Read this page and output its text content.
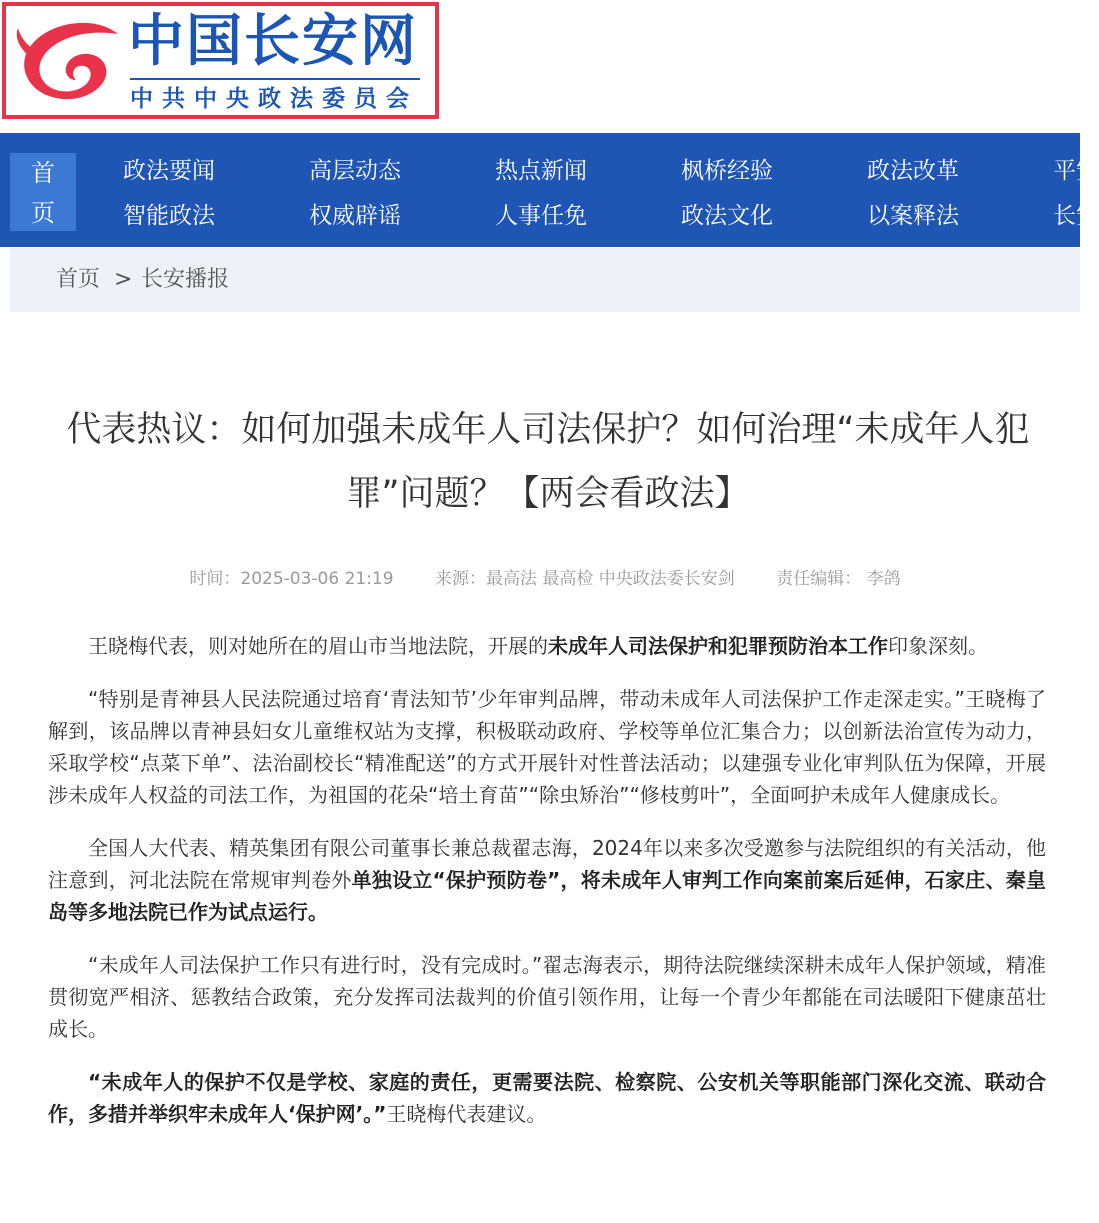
中国长安网
中共中央政法委员会
首
页
政法要闻	高层动态	热点新闻	枫桥经验	政法改革	平安
智能政法	权威辟谣	人事任免	政法文化	以案释法	长安
首页 > 长安播报
代表热议：如何加强未成年人司法保护？如何治理“未成年人犯罪”问题？【两会看政法】
时间：2025-03-06 21:19 来源：最高法 最高检 中央政法委长安剑 责任编辑： 李鸽

王晓梅代表，则对她所在的眉山市当地法院，开展的未成年人司法保护和犯罪预防治本工作印象深刻。

“特别是青神县人民法院通过培育‘青法知节’少年审判品牌，带动未成年人司法保护工作走深走实。”王晓梅了解到，该品牌以青神县妇女儿童维权站为支撑，积极联动政府、学校等单位汇集合力；以创新法治宣传为动力，采取学校“点菜下单”、法治副校长“精准配送”的方式开展针对性普法活动；以建强专业化审判队伍为保障，开展涉未成年人权益的司法工作，为祖国的花朵“培土育苗”“除虫矫治”“修枝剪叶”，全面呵护未成年人健康成长。

全国人大代表、精英集团有限公司董事长兼总裁翟志海，2024年以来多次受邀参与法院组织的有关活动，他注意到，河北法院在常规审判卷外单独设立“保护预防卷”，将未成年人审判工作向案前案后延伸，石家庄、秦皇岛等多地法院已作为试点运行。

“未成年人司法保护工作只有进行时，没有完成时。”翟志海表示，期待法院继续深耕未成年人保护领域，精准贯彻宽严相济、惩教结合政策，充分发挥司法裁判的价值引领作用，让每一个青少年都能在司法暖阳下健康茁壮成长。

“未成年人的保护不仅是学校、家庭的责任，更需要法院、检察院、公安机关等职能部门深化交流、联动合作，多措并举织牢未成年人‘保护网’。”王晓梅代表建议。
